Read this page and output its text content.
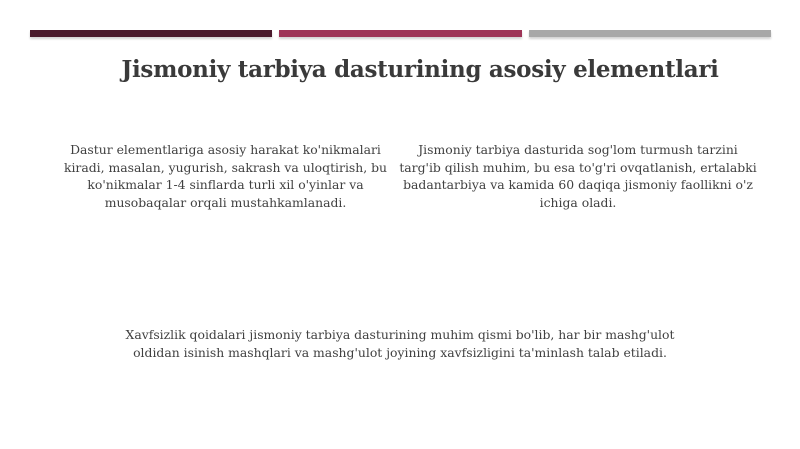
Jismoniy tarbiya dasturining asosiy elementlari
Dastur elementlariga asosiy harakat ko'nikmalari kiradi, masalan, yugurish, sakrash va uloqtirish, bu ko'nikmalar 1-4 sinflarda turli xil o'yinlar va musobaqalar orqali mustahkamlanadi.
Jismoniy tarbiya dasturida sog'lom turmush tarzini targ'ib qilish muhim, bu esa to'g'ri ovqatlanish, ertalabki badantarbiya va kamida 60 daqiqa jismoniy faollikni o'z ichiga oladi.
Xavfsizlik qoidalari jismoniy tarbiya dasturining muhim qismi bo'lib, har bir mashg'ulot oldidan isinish mashqlari va mashg'ulot joyining xavfsizligini ta'minlash talab etiladi.
